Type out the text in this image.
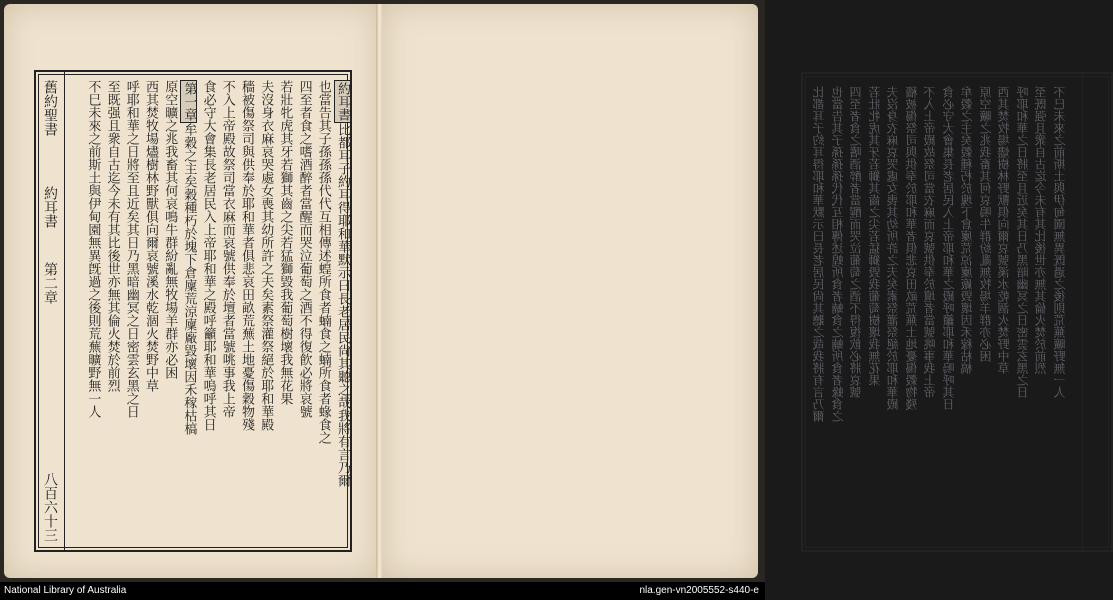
舊約聖書
約耳書
第二章
八百六十三
約耳書
比都耳子約耳得耶和華默示曰長老居民尙其聽之哉我將有言乃爾
也當告其子孫孫孫代代互相傳述蝗所食者蝻食之蝻所食者蝝食之
四至者食之嗜酒醉者當醒而哭泣葡萄之酒不得復飮必將哀號
若壯牝虎其牙若獅其齒之尖若猛獅毀我葡萄樹壞我無花果
夫沒身衣麻哀哭處女喪其幼所許之夫矣素祭灌祭絕於耶和華殿
穡被傷祭司與供奉於耶和華者俱悲哀田畝荒蕪土地憂傷穀物殘
不入上帝殿故祭司當衣麻而哀號供奉於壇者當號咷事我上帝
食必守大會集長老居民入上帝耶和華之殿呼籲耶和華嗚呼其日
第一章
牟穀之主矣穀種朽於塊下倉廩荒涼廩廠毀壞因禾稼枯槁
原空曠之兆我畜其何哀鳴牛群紛亂無牧場羊群亦必困
西其焚牧場燼樹林野獸俱向爾哀號溪水乾涸火焚野中草
呼耶和華之日將至且近矣其日乃黑暗幽冥之日密雲玄黑之日
至既强且衆自古迄今未有其比後世亦無其倫火焚於前烈
不巳未來之前斯土與伊甸園無異旣過之後則荒蕪曠野無一人	比都耳子約耳得耶和華默示曰長老居民尙其聽之哉我將有言乃爾 也當告其子孫孫孫代代互相傳述蝗所食者蝻食之蝻所食者蝝食之 四至者食之嗜酒醉者當醒而哭泣葡萄之酒不得復飮必將哀號 若壯牝虎其牙若獅其齒之尖若猛獅毀我葡萄樹壞我無花果 夫沒身衣麻哀哭處女喪其幼所許之夫矣素祭灌祭絕於耶和華殿 穡被傷祭司與供奉於耶和華者俱悲哀田畝荒蕪土地憂傷穀物殘 不入上帝殿故祭司當衣麻而哀號供奉於壇者當號咷事我上帝 食必守大會集長老居民入上帝耶和華之殿呼籲耶和華嗚呼其日 牟穀之主矣穀種朽於塊下倉廩荒涼廩廠毀壞因禾稼枯槁 原空曠之兆我畜其何哀鳴牛群紛亂無牧場羊群亦必困 西其焚牧場燼樹林野獸俱向爾哀號溪水乾涸火焚野中草 呼耶和華之日將至且近矣其日乃黑暗幽冥之日密雲玄黑之日 至既强且衆自古迄今未有其比後世亦無其倫火焚於前烈 不巳未來之前斯土與伊甸園無異旣過之後則荒蕪曠野無一人 舊約聖書
何西書
第十四章
八百六十二
National Library of Australia	nla.gen-vn2005552-s440-e
